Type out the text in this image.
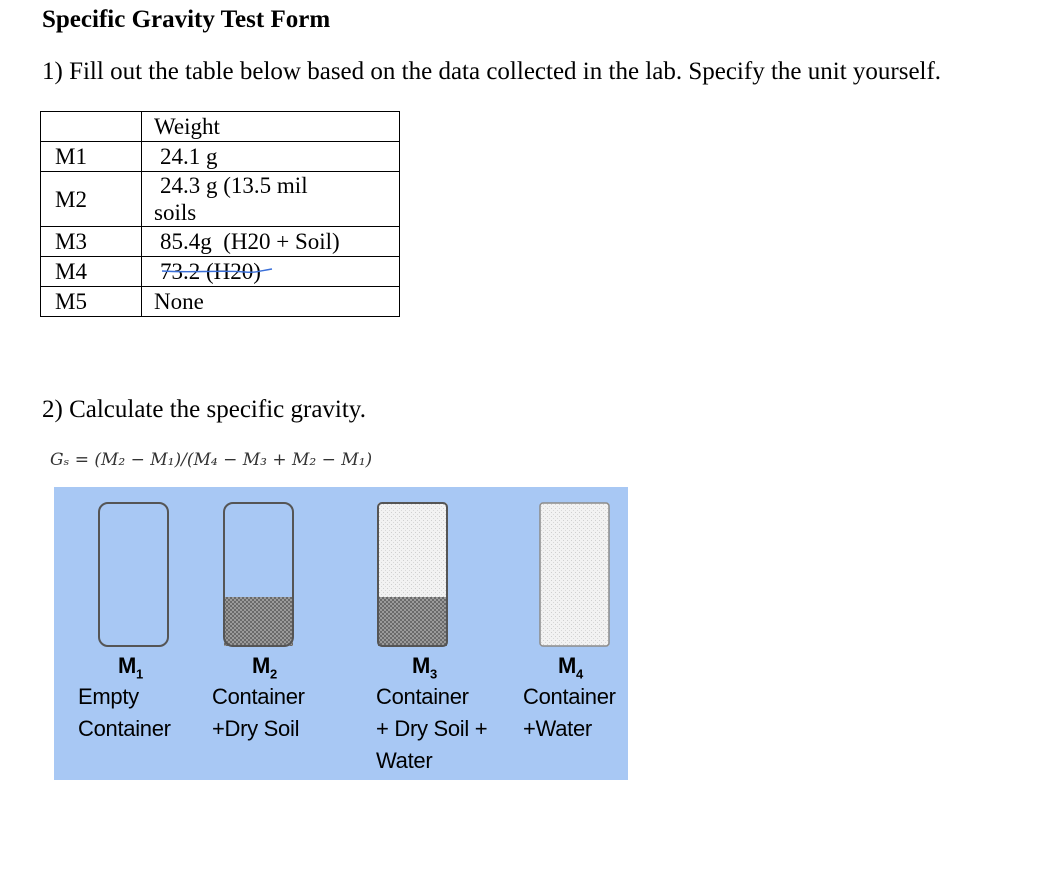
Specific Gravity Test Form
1) Fill out the table below based on the data collected in the lab. Specify the unit yourself.
	Weight
M1	24.1 g
M2	24.3 g (13.5 mil
soils

M3	85.4g  (H20 + Soil)
M4	73.2 (H20)
M5	None
2) Calculate the specific gravity.
Gₛ = (M₂ − M₁)/(M₄ − M₃ + M₂ − M₁)
$M_1$
Empty
Container
$M_2$
Container
+Dry Soil
$M_3$
Container
+ Dry Soil +
Water
$M_4$
Container
+Water
